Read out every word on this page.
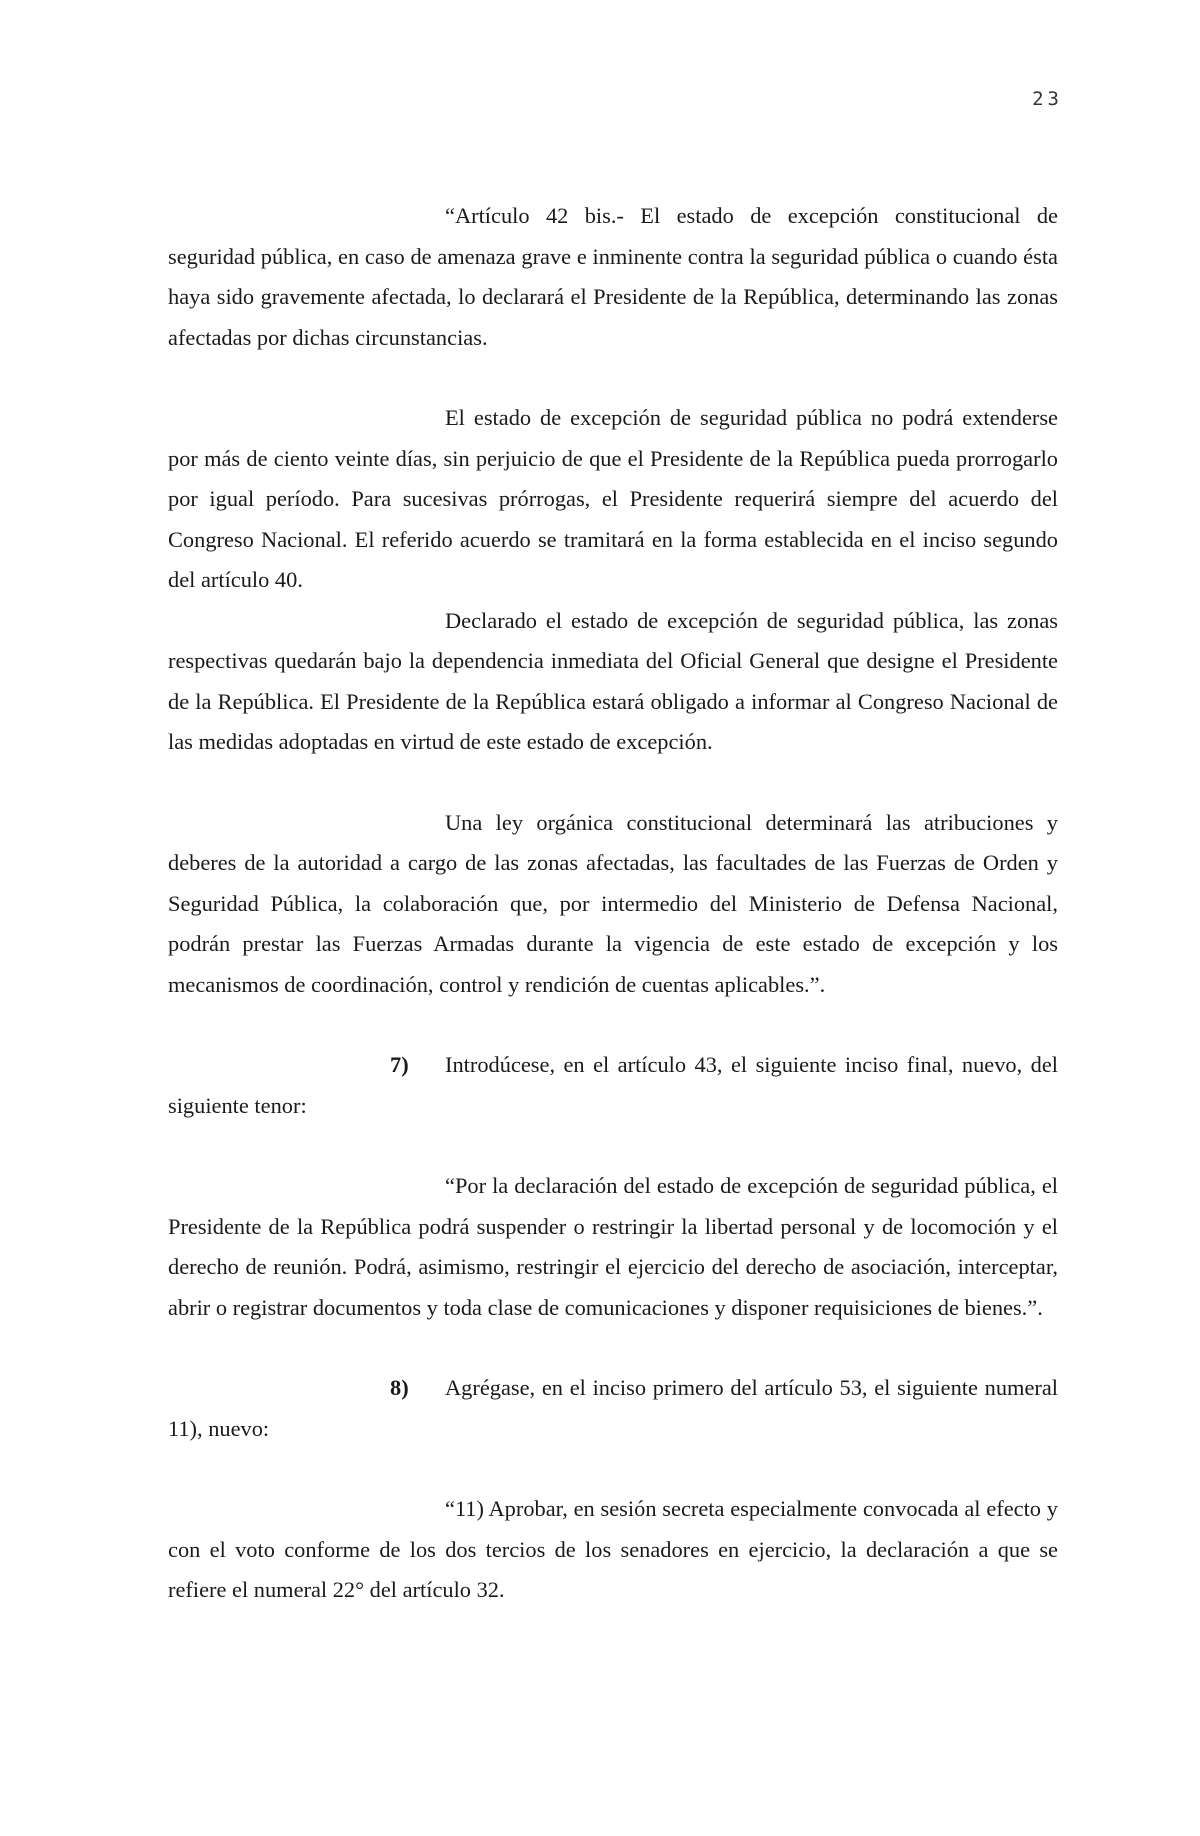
23

“Artículo 42 bis.- El estado de excepción constitucional de seguridad pública, en caso de amenaza grave e inminente contra la seguridad pública o cuando ésta haya sido gravemente afectada, lo declarará el Presidente de la República, determinando las zonas afectadas por dichas circunstancias.

El estado de excepción de seguridad pública no podrá extenderse por más de ciento veinte días, sin perjuicio de que el Presidente de la República pueda prorrogarlo por igual período. Para sucesivas prórrogas, el Presidente requerirá siempre del acuerdo del Congreso Nacional. El referido acuerdo se tramitará en la forma establecida en el inciso segundo del artículo 40.

Declarado el estado de excepción de seguridad pública, las zonas respectivas quedarán bajo la dependencia inmediata del Oficial General que designe el Presidente de la República. El Presidente de la República estará obligado a informar al Congreso Nacional de las medidas adoptadas en virtud de este estado de excepción.

Una ley orgánica constitucional determinará las atribuciones y deberes de la autoridad a cargo de las zonas afectadas, las facultades de las Fuerzas de Orden y Seguridad Pública, la colaboración que, por intermedio del Ministerio de Defensa Nacional, podrán prestar las Fuerzas Armadas durante la vigencia de este estado de excepción y los mecanismos de coordinación, control y rendición de cuentas aplicables.”.

7) Introdúcese, en el artículo 43, el siguiente inciso final, nuevo, del siguiente tenor:

“Por la declaración del estado de excepción de seguridad pública, el Presidente de la República podrá suspender o restringir la libertad personal y de locomoción y el derecho de reunión. Podrá, asimismo, restringir el ejercicio del derecho de asociación, interceptar, abrir o registrar documentos y toda clase de comunicaciones y disponer requisiciones de bienes.”.

8) Agrégase, en el inciso primero del artículo 53, el siguiente numeral 11), nuevo:

“11) Aprobar, en sesión secreta especialmente convocada al efecto y con el voto conforme de los dos tercios de los senadores en ejercicio, la declaración a que se refiere el numeral 22° del artículo 32.
